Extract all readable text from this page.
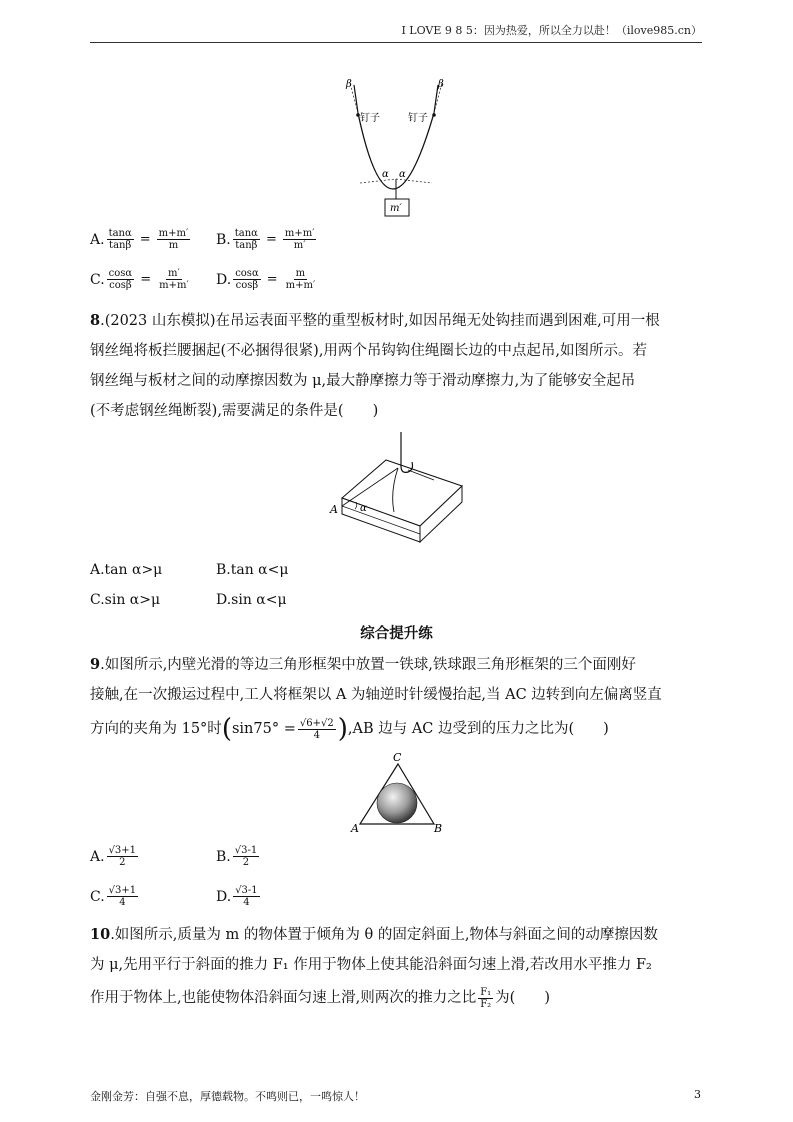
I LOVE 9 8 5：因为热爱，所以全力以赴！（ilove985.cn）
β	β
钉子	钉子
α α
m′
A. $\frac{\tan\alpha}{\tan\beta} = \frac{m+m'}{m} B$. $\frac{\tan\alpha}{\tan\beta} = \frac{m+m'}{m'}$
C. $\frac{\cos\alpha}{\cos\beta} = \frac{m'}{m+m'} D$. $\frac{\cos\alpha}{\cos\beta} = \frac{m}{m+m'}$
8.(2023 山东模拟)在吊运表面平整的重型板材时,如因吊绳无处钩挂而遇到困难,可用一根
钢丝绳将板拦腰捆起(不必捆得很紧),用两个吊钩钩住绳圈长边的中点起吊,如图所示。若
钢丝绳与板材之间的动摩擦因数为 μ,最大静摩擦力等于滑动摩擦力,为了能够安全起吊
(不考虑钢丝绳断裂),需要满足的条件是(　　)
A α
A.tan α>μ	B.tan α<μ
C.sin α>μ	D.sin α<μ
综合提升练
9.如图所示,内壁光滑的等边三角形框架中放置一铁球,铁球跟三角形框架的三个面刚好
接触,在一次搬运过程中,工人将框架以 A 为轴逆时针缓慢抬起,当 AC 边转到向左偏离竖直
方向的夹角为 15°时 ( $\sin 75^\circ = \frac{√6+√2}{4}$ ) ,AB 边与 AC 边受到的压力之比为(　　)
C
A	B
A. $\frac{√3+1}{2}$	B. $\frac{√3-1}{2}$
C. $\frac{√3+1}{4}$	D. $\frac{√3-1}{4}$
10.如图所示,质量为 m 的物体置于倾角为 θ 的固定斜面上,物体与斜面之间的动摩擦因数
为 μ,先用平行于斜面的推力 F₁ 作用于物体上使其能沿斜面匀速上滑,若改用水平推力 F₂
作用于物体上,也能使物体沿斜面匀速上滑,则两次的推力之比 $\frac{\text{F₁}}{\text{F₂}}$ 为(　　)
金刚金芳：自强不息，厚德载物。不鸣则已，一鸣惊人！	3
